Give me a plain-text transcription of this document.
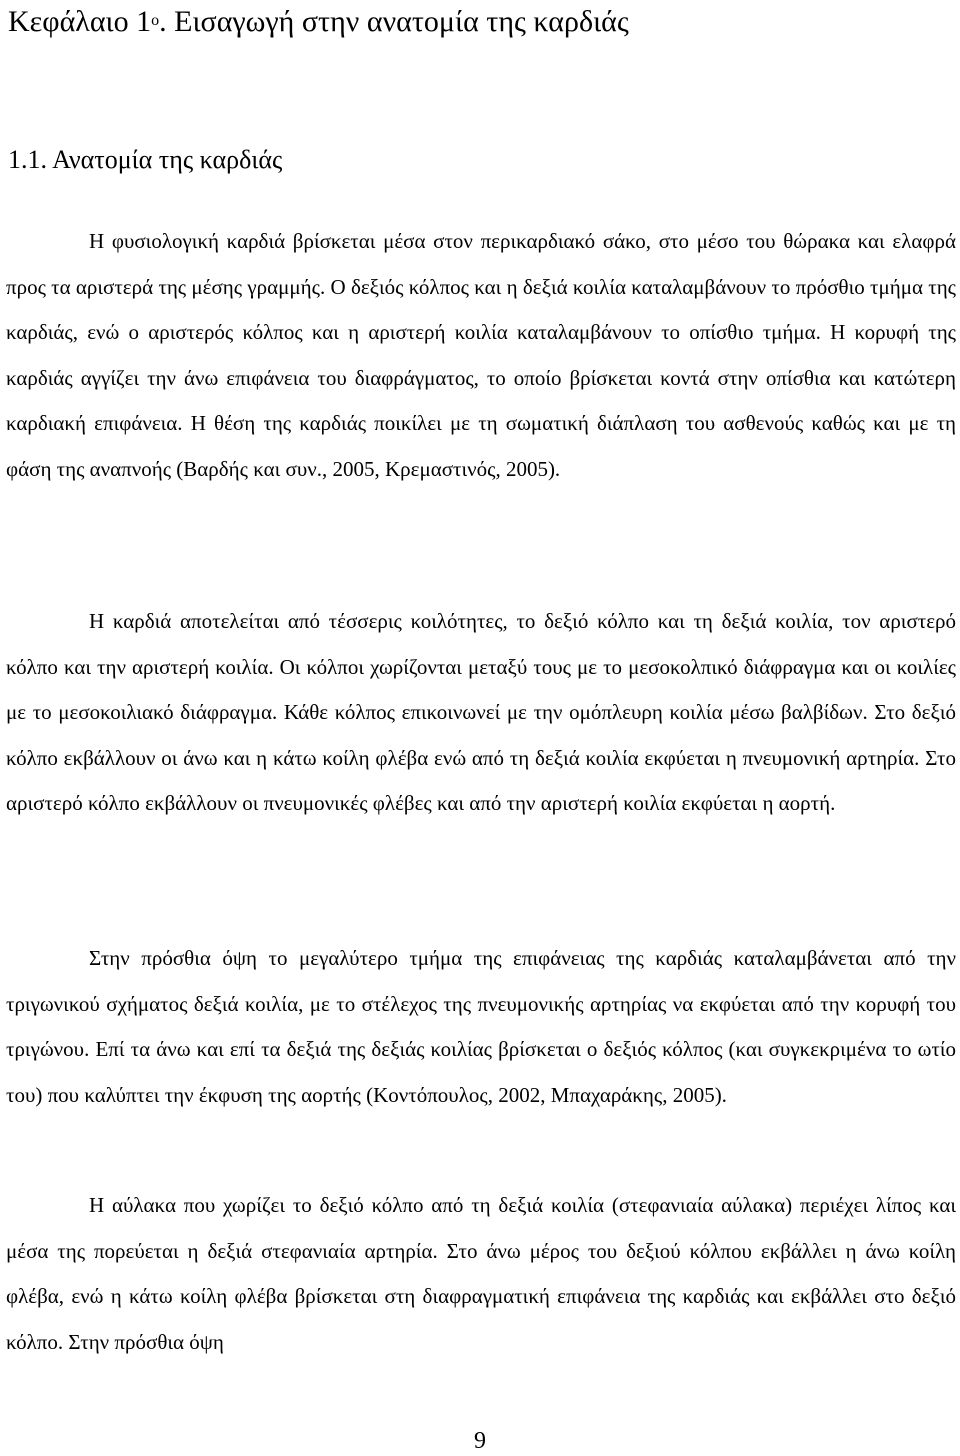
Κεφάλαιο $1^o$. Εισαγωγή στην ανατομία της καρδιάς
1.1. Ανατομία της καρδιάς

Η φυσιολογική καρδιά βρίσκεται μέσα στον περικαρδιακό σάκο, στο μέσο του θώρακα και ελαφρά προς τα αριστερά της μέσης γραμμής. Ο δεξιός κόλπος και η δεξιά κοιλία καταλαμβάνουν το πρόσθιο τμήμα της καρδιάς, ενώ ο αριστερός κόλπος και η αριστερή κοιλία καταλαμβάνουν το οπίσθιο τμήμα. Η κορυφή της καρδιάς αγγίζει την άνω επιφάνεια του διαφράγματος, το οποίο βρίσκεται κοντά στην οπίσθια και κατώτερη καρδιακή επιφάνεια. Η θέση της καρδιάς ποικίλει με τη σωματική διάπλαση του ασθενούς καθώς και με τη φάση της αναπνοής (Βαρδής και συν., 2005, Κρεμαστινός, 2005).

Η καρδιά αποτελείται από τέσσερις κοιλότητες, το δεξιό κόλπο και τη δεξιά κοιλία, τον αριστερό κόλπο και την αριστερή κοιλία. Οι κόλποι χωρίζονται μεταξύ τους με το μεσοκολπικό διάφραγμα και οι κοιλίες με το μεσοκοιλιακό διάφραγμα. Κάθε κόλπος επικοινωνεί με την ομόπλευρη κοιλία μέσω βαλβίδων. Στο δεξιό κόλπο εκβάλλουν οι άνω και η κάτω κοίλη φλέβα ενώ από τη δεξιά κοιλία εκφύεται η πνευμονική αρτηρία. Στο αριστερό κόλπο εκβάλλουν οι πνευμονικές φλέβες και από την αριστερή κοιλία εκφύεται η αορτή.

Στην πρόσθια όψη το μεγαλύτερο τμήμα της επιφάνειας της καρδιάς καταλαμβάνεται από την τριγωνικού σχήματος δεξιά κοιλία, με το στέλεχος της πνευμονικής αρτηρίας να εκφύεται από την κορυφή του τριγώνου. Επί τα άνω και επί τα δεξιά της δεξιάς κοιλίας βρίσκεται ο δεξιός κόλπος (και συγκεκριμένα το ωτίο του) που καλύπτει την έκφυση της αορτής (Κοντόπουλος, 2002, Μπαχαράκης, 2005).

Η αύλακα που χωρίζει το δεξιό κόλπο από τη δεξιά κοιλία (στεφανιαία αύλακα) περιέχει λίπος και μέσα της πορεύεται η δεξιά στεφανιαία αρτηρία. Στο άνω μέρος του δεξιού κόλπου εκβάλλει η άνω κοίλη φλέβα, ενώ η κάτω κοίλη φλέβα βρίσκεται στη διαφραγματική επιφάνεια της καρδιάς και εκβάλλει στο δεξιό κόλπο. Στην πρόσθια όψη

9
